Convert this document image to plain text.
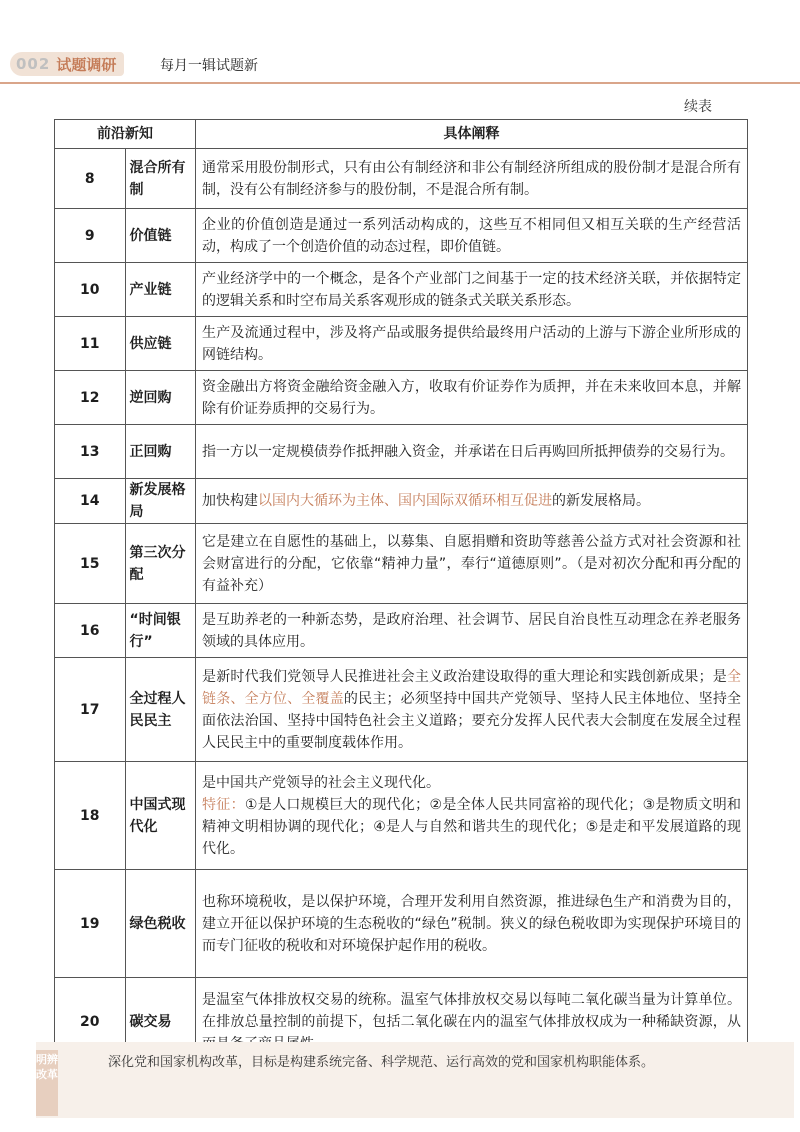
002 试题调研	每月一辑试题新
续表
前沿新知		具体阐释
8	混合所有制	通常采用股份制形式，只有由公有制经济和非公有制经济所组成的股份制才是混合所有制，没有公有制经济参与的股份制，不是混合所有制。
9	价值链	企业的价值创造是通过一系列活动构成的，这些互不相同但又相互关联的生产经营活动，构成了一个创造价值的动态过程，即价值链。
10	产业链	产业经济学中的一个概念，是各个产业部门之间基于一定的技术经济关联，并依据特定的逻辑关系和时空布局关系客观形成的链条式关联关系形态。
11	供应链	生产及流通过程中，涉及将产品或服务提供给最终用户活动的上游与下游企业所形成的网链结构。
12	逆回购	资金融出方将资金融给资金融入方，收取有价证券作为质押，并在未来收回本息，并解除有价证券质押的交易行为。
13	正回购	指一方以一定规模债券作抵押融入资金，并承诺在日后再购回所抵押债券的交易行为。
14	新发展格局	加快构建以国内大循环为主体、国内国际双循环相互促进的新发展格局。
15	第三次分配	它是建立在自愿性的基础上，以募集、自愿捐赠和资助等慈善公益方式对社会资源和社会财富进行的分配，它依靠“精神力量”，奉行“道德原则”。（是对初次分配和再分配的有益补充）
16	“时间银行”	是互助养老的一种新态势，是政府治理、社会调节、居民自治良性互动理念在养老服务领域的具体应用。
17	全过程人民民主	是新时代我们党领导人民推进社会主义政治建设取得的重大理论和实践创新成果；是全链条、全方位、全覆盖的民主；必须坚持中国共产党领导、坚持人民主体地位、坚持全面依法治国、坚持中国特色社会主义道路；要充分发挥人民代表大会制度在发展全过程人民民主中的重要制度载体作用。
18	中国式现代化	是中国共产党领导的社会主义现代化。
特征：①是人口规模巨大的现代化；②是全体人民共同富裕的现代化；③是物质文明和精神文明相协调的现代化；④是人与自然和谐共生的现代化；⑤是走和平发展道路的现代化。
19	绿色税收	也称环境税收，是以保护环境，合理开发利用自然资源，推进绿色生产和消费为目的，建立开征以保护环境的生态税收的“绿色”税制。狭义的绿色税收即为实现保护环境目的而专门征收的税收和对环境保护起作用的税收。
20	碳交易	是温室气体排放权交易的统称。温室气体排放权交易以每吨二氧化碳当量为计算单位。在排放总量控制的前提下，包括二氧化碳在内的温室气体排放权成为一种稀缺资源，从
明辨改革
深化党和国家机构改革，目标是构建系统完备、科学规范、运行高效的党和国家机构职能体系。
